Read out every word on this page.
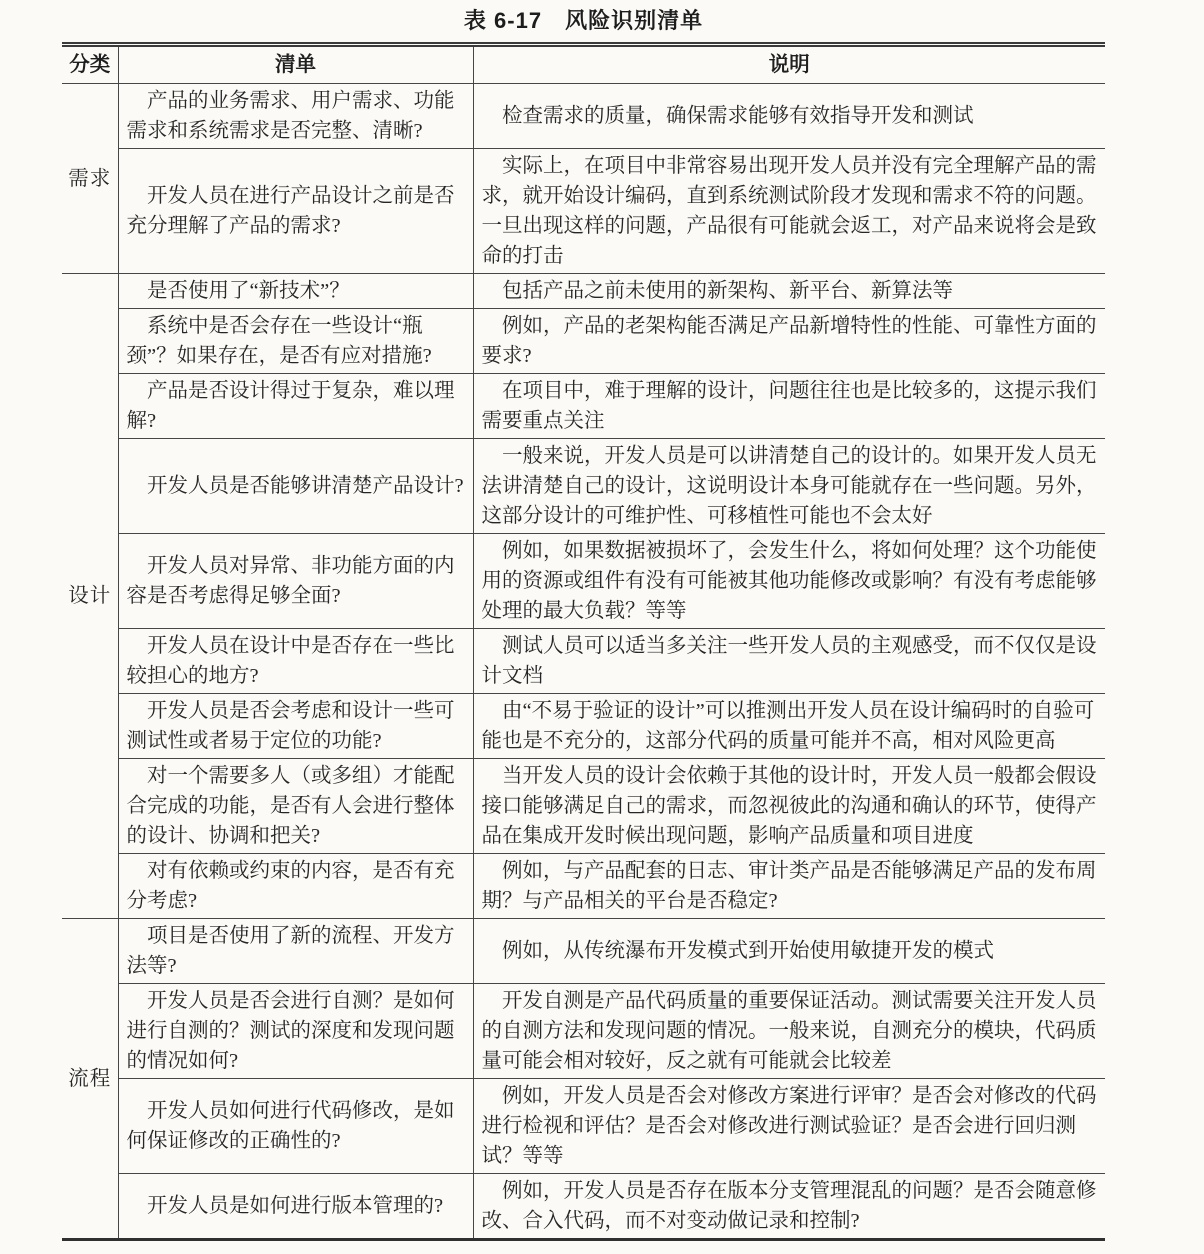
表 6-17　风险识别清单
分类	清单	说明
需求	产品的业务需求、用户需求、功能需求和系统需求是否完整、清晰?	检查需求的质量，确保需求能够有效指导开发和测试
	开发人员在进行产品设计之前是否充分理解了产品的需求?	实际上，在项目中非常容易出现开发人员并没有完全理解产品的需求，就开始设计编码，直到系统测试阶段才发现和需求不符的问题。一旦出现这样的问题，产品很有可能就会返工，对产品来说将会是致命的打击
设计	是否使用了“新技术”？	包括产品之前未使用的新架构、新平台、新算法等
	系统中是否会存在一些设计“瓶颈”？如果存在，是否有应对措施?	例如，产品的老架构能否满足产品新增特性的性能、可靠性方面的要求?
	产品是否设计得过于复杂，难以理解?	在项目中，难于理解的设计，问题往往也是比较多的，这提示我们需要重点关注
	开发人员是否能够讲清楚产品设计?	一般来说，开发人员是可以讲清楚自己的设计的。如果开发人员无法讲清楚自己的设计，这说明设计本身可能就存在一些问题。另外，这部分设计的可维护性、可移植性可能也不会太好
	开发人员对异常、非功能方面的内容是否考虑得足够全面?	例如，如果数据被损坏了，会发生什么，将如何处理？这个功能使用的资源或组件有没有可能被其他功能修改或影响？有没有考虑能够处理的最大负载？等等
	开发人员在设计中是否存在一些比较担心的地方?	测试人员可以适当多关注一些开发人员的主观感受，而不仅仅是设计文档
	开发人员是否会考虑和设计一些可测试性或者易于定位的功能?	由“不易于验证的设计”可以推测出开发人员在设计编码时的自验可能也是不充分的，这部分代码的质量可能并不高，相对风险更高
	对一个需要多人（或多组）才能配合完成的功能，是否有人会进行整体的设计、协调和把关?	当开发人员的设计会依赖于其他的设计时，开发人员一般都会假设接口能够满足自己的需求，而忽视彼此的沟通和确认的环节，使得产品在集成开发时候出现问题，影响产品质量和项目进度
	对有依赖或约束的内容，是否有充分考虑?	例如，与产品配套的日志、审计类产品是否能够满足产品的发布周期？与产品相关的平台是否稳定?
流程	项目是否使用了新的流程、开发方法等?	例如，从传统瀑布开发模式到开始使用敏捷开发的模式
	开发人员是否会进行自测？是如何进行自测的？测试的深度和发现问题的情况如何?	开发自测是产品代码质量的重要保证活动。测试需要关注开发人员的自测方法和发现问题的情况。一般来说，自测充分的模块，代码质量可能会相对较好，反之就有可能就会比较差
	开发人员如何进行代码修改，是如何保证修改的正确性的?	例如，开发人员是否会对修改方案进行评审？是否会对修改的代码进行检视和评估？是否会对修改进行测试验证？是否会进行回归测试？等等
	开发人员是如何进行版本管理的?	例如，开发人员是否存在版本分支管理混乱的问题？是否会随意修改、合入代码，而不对变动做记录和控制?
